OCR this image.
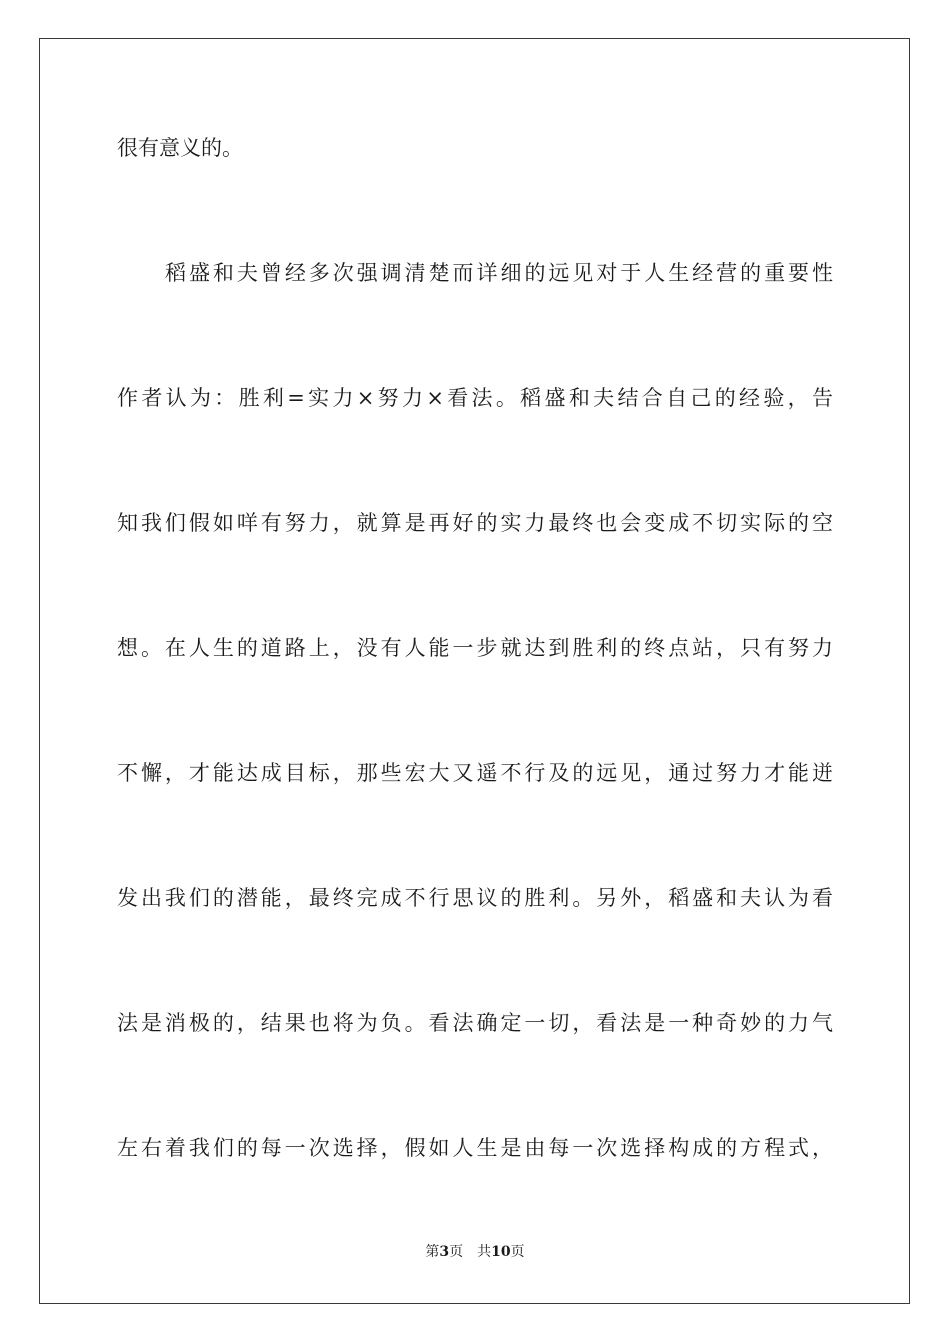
很有意义的。
稻盛和夫曾经多次强调清楚而详细的远见对于人生经营的重要性
作者认为：胜利=实力×努力×看法。稻盛和夫结合自己的经验，告
知我们假如咩有努力，就算是再好的实力最终也会变成不切实际的空
想。在人生的道路上，没有人能一步就达到胜利的终点站，只有努力
不懈，才能达成目标，那些宏大又遥不行及的远见，通过努力才能迸
发出我们的潜能，最终完成不行思议的胜利。另外，稻盛和夫认为看
法是消极的，结果也将为负。看法确定一切，看法是一种奇妙的力气
左右着我们的每一次选择，假如人生是由每一次选择构成的方程式，
第3页 共10页
